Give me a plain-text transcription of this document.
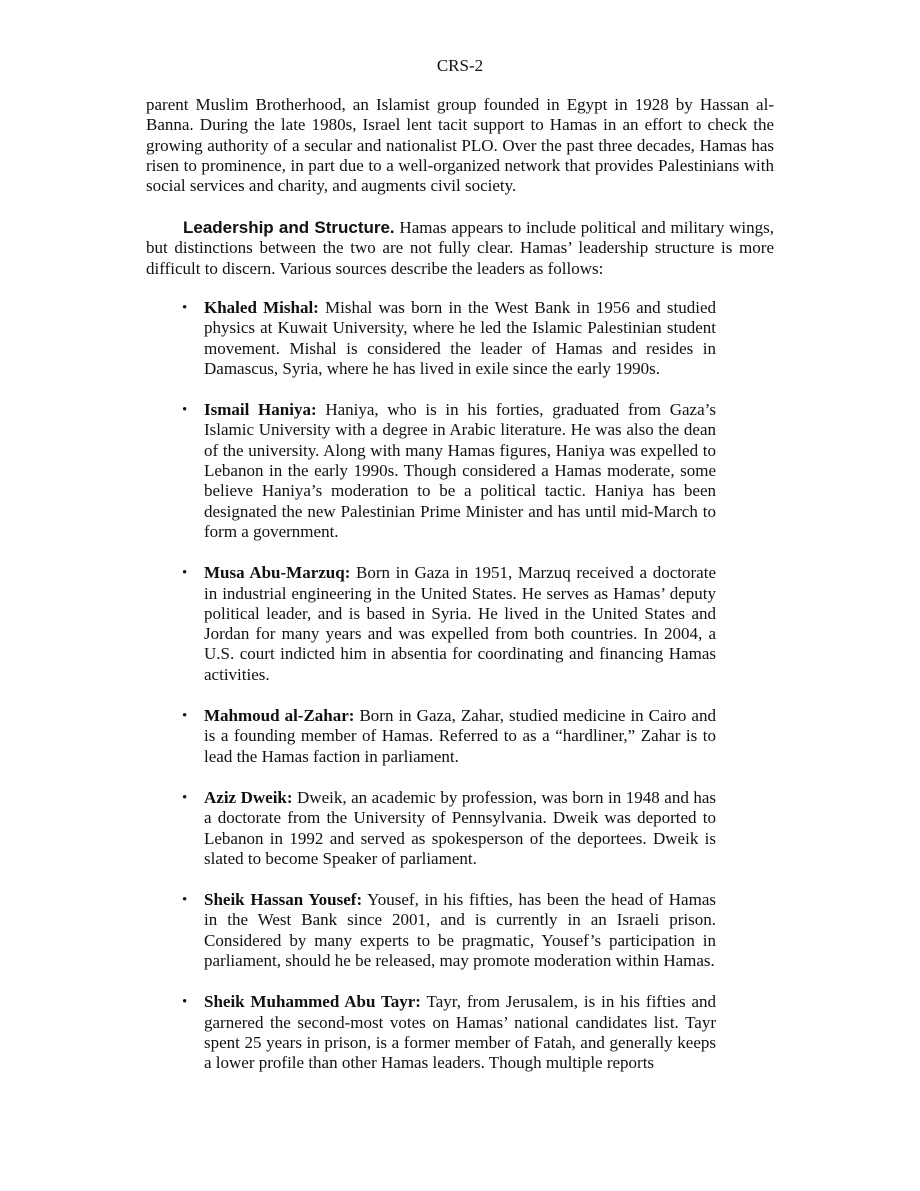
CRS-2

parent Muslim Brotherhood, an Islamist group founded in Egypt in 1928 by Hassan al-Banna. During the late 1980s, Israel lent tacit support to Hamas in an effort to check the growing authority of a secular and nationalist PLO. Over the past three decades, Hamas has risen to prominence, in part due to a well-organized network that provides Palestinians with social services and charity, and augments civil society.

Leadership and Structure. Hamas appears to include political and military wings, but distinctions between the two are not fully clear. Hamas’ leadership structure is more difficult to discern. Various sources describe the leaders as follows:

• Khaled Mishal: Mishal was born in the West Bank in 1956 and studied physics at Kuwait University, where he led the Islamic Palestinian student movement. Mishal is considered the leader of Hamas and resides in Damascus, Syria, where he has lived in exile since the early 1990s.
• Ismail Haniya: Haniya, who is in his forties, graduated from Gaza’s Islamic University with a degree in Arabic literature. He was also the dean of the university. Along with many Hamas figures, Haniya was expelled to Lebanon in the early 1990s. Though considered a Hamas moderate, some believe Haniya’s moderation to be a political tactic. Haniya has been designated the new Palestinian Prime Minister and has until mid-March to form a government.
• Musa Abu-Marzuq: Born in Gaza in 1951, Marzuq received a doctorate in industrial engineering in the United States. He serves as Hamas’ deputy political leader, and is based in Syria. He lived in the United States and Jordan for many years and was expelled from both countries. In 2004, a U.S. court indicted him in absentia for coordinating and financing Hamas activities.
• Mahmoud al-Zahar: Born in Gaza, Zahar, studied medicine in Cairo and is a founding member of Hamas. Referred to as a “hardliner,” Zahar is to lead the Hamas faction in parliament.
• Aziz Dweik: Dweik, an academic by profession, was born in 1948 and has a doctorate from the University of Pennsylvania. Dweik was deported to Lebanon in 1992 and served as spokesperson of the deportees. Dweik is slated to become Speaker of parliament.
• Sheik Hassan Yousef: Yousef, in his fifties, has been the head of Hamas in the West Bank since 2001, and is currently in an Israeli prison. Considered by many experts to be pragmatic, Yousef’s participation in parliament, should he be released, may promote moderation within Hamas.
• Sheik Muhammed Abu Tayr: Tayr, from Jerusalem, is in his fifties and garnered the second-most votes on Hamas’ national candidates list. Tayr spent 25 years in prison, is a former member of Fatah, and generally keeps a lower profile than other Hamas leaders. Though multiple reports
